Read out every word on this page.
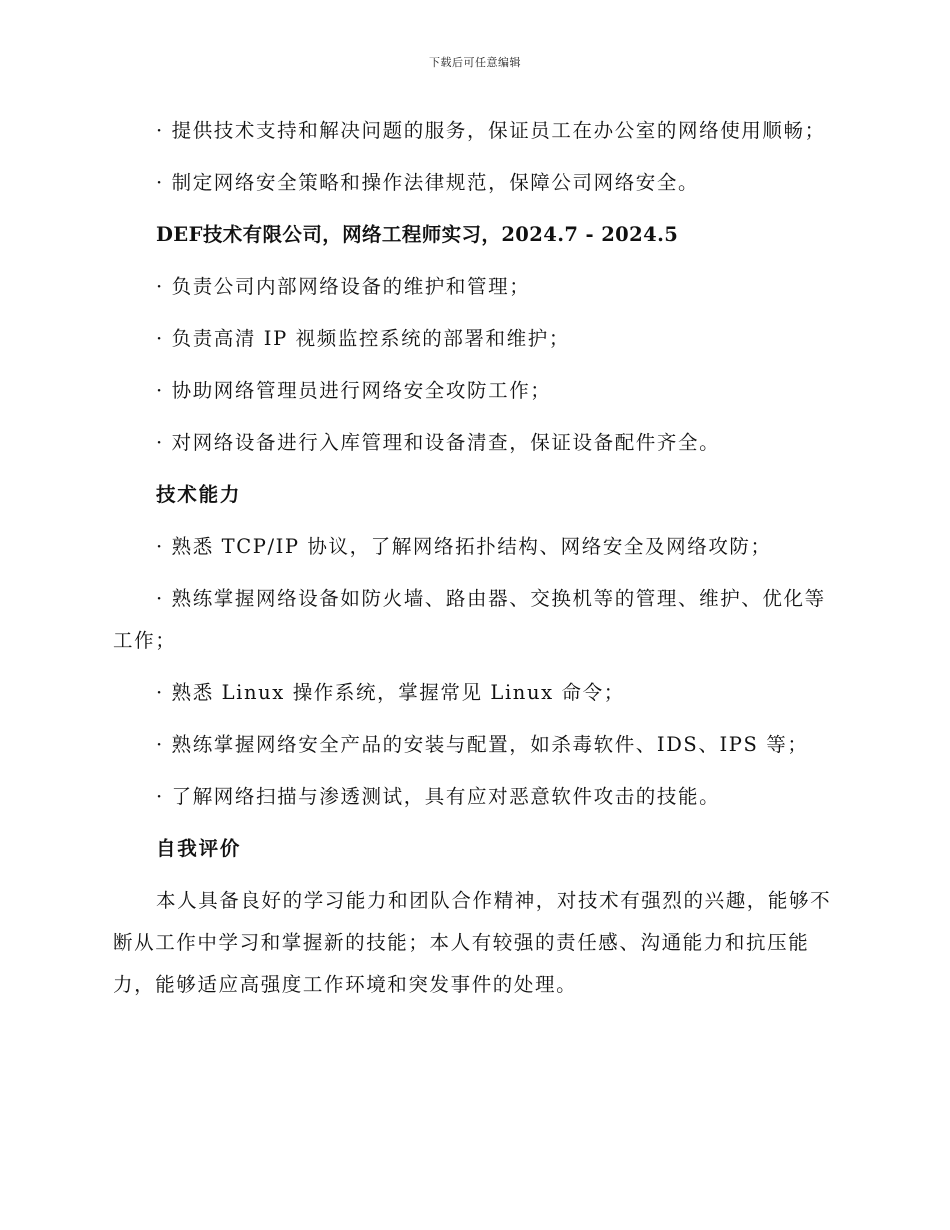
下载后可任意编辑

· 提供技术支持和解决问题的服务，保证员工在办公室的网络使用顺畅；

· 制定网络安全策略和操作法律规范，保障公司网络安全。

DEF技术有限公司，网络工程师实习，2024.7 - 2024.5

· 负责公司内部网络设备的维护和管理；

· 负责高清 IP 视频监控系统的部署和维护；

· 协助网络管理员进行网络安全攻防工作；

· 对网络设备进行入库管理和设备清查，保证设备配件齐全。

技术能力

· 熟悉 TCP/IP 协议，了解网络拓扑结构、网络安全及网络攻防；

· 熟练掌握网络设备如防火墙、路由器、交换机等的管理、维护、优化等工作；

· 熟悉 Linux 操作系统，掌握常见 Linux 命令；

· 熟练掌握网络安全产品的安装与配置，如杀毒软件、IDS、IPS 等；

· 了解网络扫描与渗透测试，具有应对恶意软件攻击的技能。

自我评价

本人具备良好的学习能力和团队合作精神，对技术有强烈的兴趣，能够不断从工作中学习和掌握新的技能；本人有较强的责任感、沟通能力和抗压能力，能够适应高强度工作环境和突发事件的处理。
